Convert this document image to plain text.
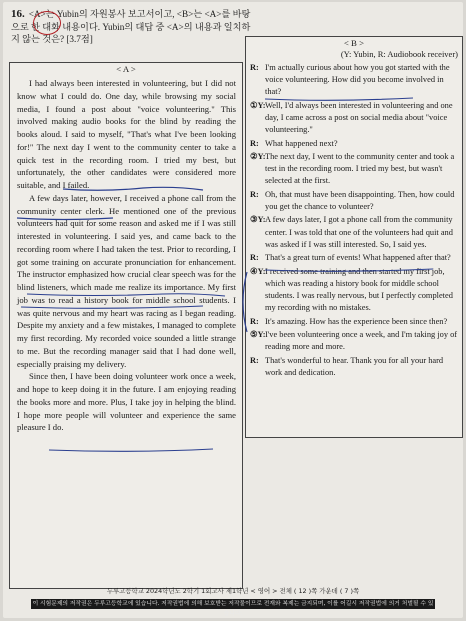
16. <A>는 Yubin의 자원봉사 보고서이고, <B>는 <A>를 바탕으로 한 대화 내용이다. Yubin의 대답 중 <A>의 내용과 일치하지 않는 것은? [3.7점]
< A >

I had always been interested in volunteering, but I did not know what I could do. One day, while browsing my social media, I found a post about "voice volunteering." This involved making audio books for the blind by reading the books aloud. I said to myself, "That's what I've been looking for!" The next day I went to the community center to take a quick test in the recording room. I tried my best, but unfortunately, the other candidates were considered more suitable, and I failed.

A few days later, however, I received a phone call from the community center clerk. He mentioned one of the previous volunteers had quit for some reason and asked me if I was still interested in volunteering. I said yes, and came back to the recording room where I had taken the test. Prior to recording, I got some training on accurate pronunciation for enhancement. The instructor emphasized how crucial clear speech was for the blind listeners, which made me realize its importance. My first job was to read a history book for middle school students. I was quite nervous and my heart was racing as I began reading. Despite my anxiety and a few mistakes, I managed to complete my first recording. My recorded voice sounded a little strange to me. But the recording manager said that I had done well, especially praising my delivery.

Since then, I have been doing volunteer work once a week, and hope to keep doing it in the future. I am enjoying reading the books more and more. Plus, I take joy in helping the blind. I hope more people will volunteer and experience the same pleasure I do.

< B >
(Y: Yubin, R: Audiobook receiver)
R: I'm actually curious about how you got started with the voice volunteering. How did you become involved in that?
①Y: Well, I'd always been interested in volunteering and one day, I came across a post on social media about "voice volunteering."
R: What happened next?
②Y: The next day, I went to the community center and took a test in the recording room. I tried my best, but wasn't selected at the first.
R: Oh, that must have been disappointing. Then, how could you get the chance to volunteer?
③Y: A few days later, I got a phone call from the community center. I was told that one of the volunteers had quit and was asked if I was still interested. So, I said yes.
R: That's a great turn of events! What happened after that?
④Y: I received some training and then started my first job, which was reading a history book for middle school students. I was really nervous, but I perfectly completed my recording with no mistakes.
R: It's amazing. How has the experience been since then?
⑤Y: I've been volunteering once a week, and I'm taking joy of reading more and more.
R: That's wonderful to hear. Thank you for all your hard work and dedication.
두루고등학교 2024학년도 2학기 1회고사 제1학년 < 영어 > 전체 ( 12 )쪽 가운데 ( 7 )쪽
이 시험문제의 저작권은 두루고등학교에 있습니다. 저작권법에 의해 보호받는 저작물이므로 전재와 복제는 금지되며, 이를 어길시 저작권법에 의거 처벌될 수 있습니다.
